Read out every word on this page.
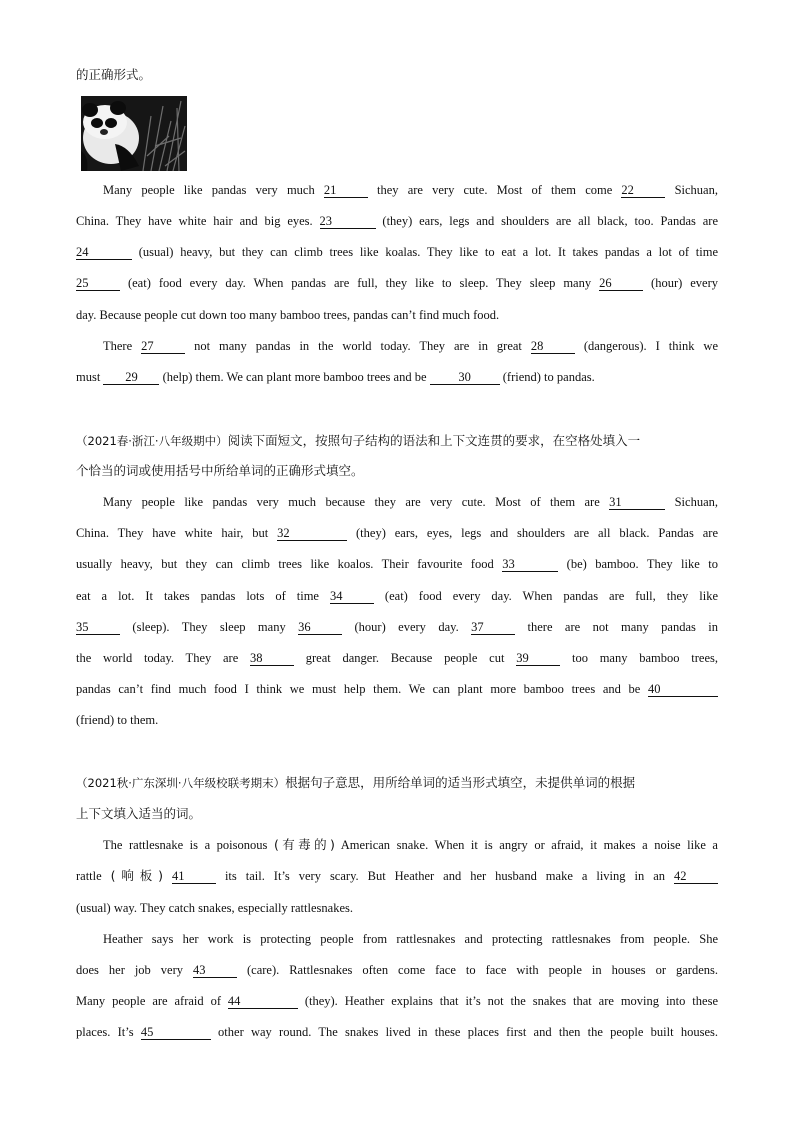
的正确形式。
Many people like pandas very much 21	they are very cute. Most of them come 22	Sichuan,
China. They have white hair and big eyes. 23	(they) ears, legs and shoulders are all black, too. Pandas are
24	(usual) heavy, but they can climb trees like koalas. They like to eat a lot. It takes pandas a lot of time
25	(eat) food every day. When pandas are full, they like to sleep. They sleep many 26	(hour) every
day. Because people cut down too many bamboo trees, pandas can’t find much food.
There 27	not many pandas in the world today. They are in great 28	(dangerous). I think we
must 29 (help) them. We can plant more bamboo trees and be 30 (friend) to pandas.
（2021春·浙江·八年级期中）阅读下面短文，按照句子结构的语法和上下文连贯的要求，在空格处填入一
个恰当的词或使用括号中所给单词的正确形式填空。
Many people like pandas very much because they are very cute. Most of them are 31	Sichuan,
China. They have white hair, but 32	(they) ears, eyes, legs and shoulders are all black. Pandas are
usually heavy, but they can climb trees like koalos. Their favourite food 33	(be) bamboo. They like to
eat a lot. It takes pandas lots of time 34	(eat) food every day. When pandas are full, they like
35	(sleep). They sleep many 36	(hour) every day. 37	there are not many pandas in
the world today. They are 38	great danger. Because people cut 39	too many bamboo trees,
pandas can’t find much food I think we must help them. We can plant more bamboo trees and be 40
(friend) to them.
（2021秋·广东深圳·八年级校联考期末）根据句子意思，用所给单词的适当形式填空，未提供单词的根据
上下文填入适当的词。
The rattlesnake is a poisonous (有毒的) American snake. When it is angry or afraid, it makes a noise like a
rattle (响板) 41	its tail. It’s very scary. But Heather and her husband make a living in an 42
(usual) way. They catch snakes, especially rattlesnakes.
Heather says her work is protecting people from rattlesnakes and protecting rattlesnakes from people. She
does her job very 43	(care). Rattlesnakes often come face to face with people in houses or gardens.
Many people are afraid of 44	(they). Heather explains that it’s not the snakes that are moving into these
places. It’s 45	other way round. The snakes lived in these places first and then the people built houses.
